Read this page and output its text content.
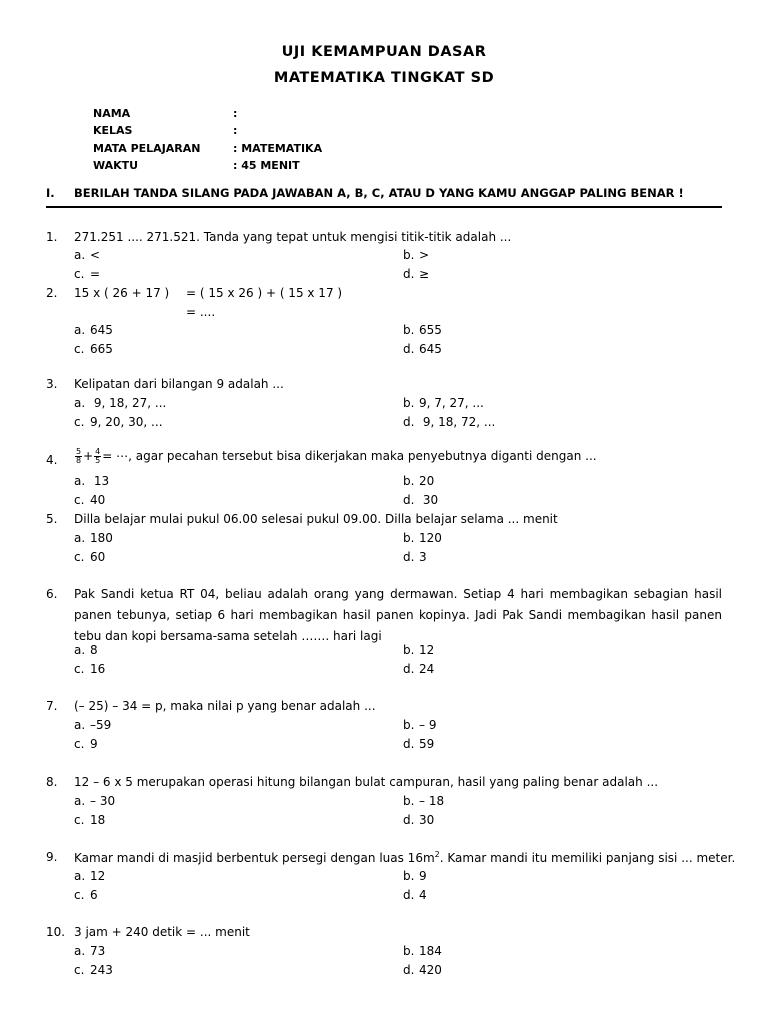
UJI KEMAMPUAN DASAR
MATEMATIKA TINGKAT SD
NAMA	:
KELAS	:
MATA PELAJARAN	: MATEMATIKA
WAKTU	: 45 MENIT
I. BERILAH TANDA SILANG PADA JAWABAN A, B, C, ATAU D YANG KAMU ANGGAP PALING BENAR !
1. 271.251 .... 271.521. Tanda yang tepat untuk mengisi titik-titik adalah ...
a. <	b. >
c. =	d. ≥
2. 15 x ( 26 + 17 ) = ( 15 x 26 ) + ( 15 x 17 )
= ....
a. 645	b. 655
c. 665	d. 645
3. Kelipatan dari bilangan 9 adalah ...
a. 9, 18, 27, ...	b. 9, 7, 27, ...
c. 9, 20, 30, ...	d. 9, 18, 72, ...
4. $\frac{5}{8} + \frac{4}{5}$ = ⋯, agar pecahan tersebut bisa dikerjakan maka penyebutnya diganti dengan ...
a. 13	b. 20
c. 40	d. 30
5. Dilla belajar mulai pukul 06.00 selesai pukul 09.00. Dilla belajar selama ... menit
a. 180	b. 120
c. 60	d. 3
6. Pak Sandi ketua RT 04, beliau adalah orang yang dermawan. Setiap 4 hari membagikan sebagian hasil panen tebunya, setiap 6 hari membagikan hasil panen kopinya. Jadi Pak Sandi membagikan hasil panen tebu dan kopi bersama-sama setelah ……. hari lagi
a. 8	b. 12
c. 16	d. 24
7. (– 25) – 34 = p, maka nilai p yang benar adalah ...
a. –59	b. – 9
c. 9	d. 59
8. 12 – 6 x 5 merupakan operasi hitung bilangan bulat campuran, hasil yang paling benar adalah ...
a. – 30	b. – 18
c. 18	d. 30
9. Kamar mandi di masjid berbentuk persegi dengan luas $16m^2$. Kamar mandi itu memiliki panjang sisi ... meter.
a. 12	b. 9
c. 6	d. 4
10. 3 jam + 240 detik = ... menit
a. 73	b. 184
c. 243	d. 420
